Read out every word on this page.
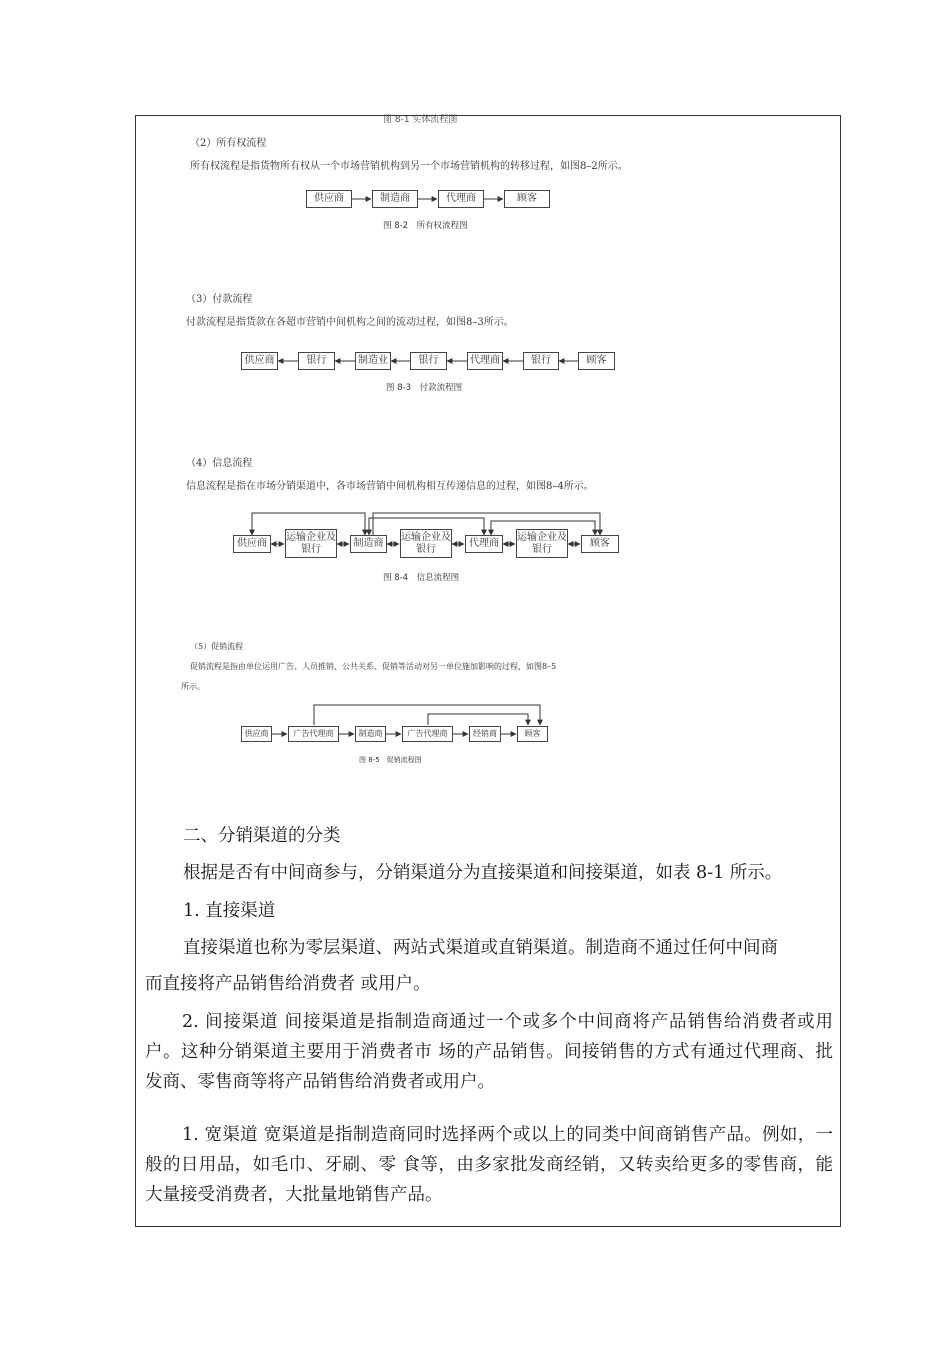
图 8-1 实体流程图
（2）所有权流程
所有权流程是指货物所有权从一个市场营销机构到另一个市场营销机构的转移过程，如图8–2所示。
供应商	制造商	代理商	顾客
图 8-2　所有权流程图
（3）付款流程
付款流程是指货款在各超市营销中间机构之间的流动过程，如图8–3所示。
供应商	银行	制造业	银行	代理商	银行	顾客
图 8-3　付款流程图
（4）信息流程
信息流程是指在市场分销渠道中，各市场营销中间机构相互传递信息的过程，如图8–4所示。
供应商
运输企业及银行	制造商
运输企业及银行	代理商
运输企业及银行	顾客
图 8-4　信息流程图
（5）促销流程
促销流程是指由单位运用广告、人员推销、公共关系、促销等活动对另一单位施加影响的过程，如图8–5
所示。
供应商	广告代理商	制造商	广告代理商	经销商	顾客
图 8-5　促销流程图
二、分销渠道的分类
根据是否有中间商参与，分销渠道分为直接渠道和间接渠道，如表 8-1 所示。
1. 直接渠道
直接渠道也称为零层渠道、两站式渠道或直销渠道。制造商不通过任何中间商
而直接将产品销售给消费者 或用户。
2. 间接渠道 间接渠道是指制造商通过一个或多个中间商将产品销售给消费者或用户。这种分销渠道主要用于消费者市 场的产品销售。间接销售的方式有通过代理商、批发商、零售商等将产品销售给消费者或用户。
1. 宽渠道 宽渠道是指制造商同时选择两个或以上的同类中间商销售产品。例如，一般的日用品，如毛巾、牙刷、零 食等，由多家批发商经销，又转卖给更多的零售商，能大量接受消费者，大批量地销售产品。
